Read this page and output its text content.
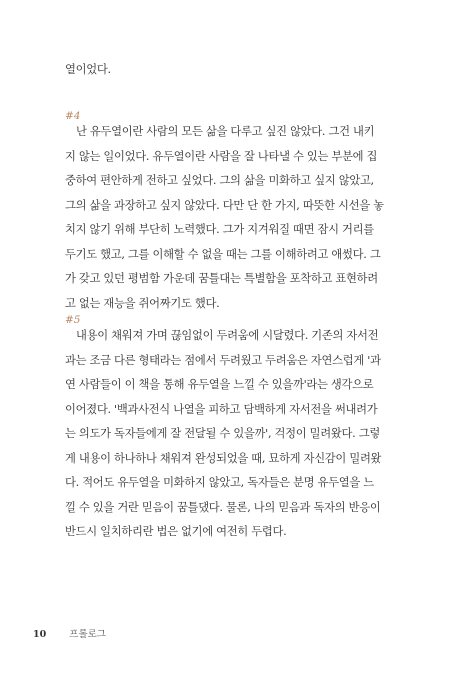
열이었다.
#4
난 유두열이란 사람의 모든 삶을 다루고 싶진 않았다. 그건 내키
지 않는 일이었다. 유두열이란 사람을 잘 나타낼 수 있는 부분에 집
중하여 편안하게 전하고 싶었다. 그의 삶을 미화하고 싶지 않았고,
그의 삶을 과장하고 싶지 않았다. 다만 단 한 가지, 따뜻한 시선을 놓
치지 않기 위해 부단히 노력했다. 그가 지겨워질 때면 잠시 거리를
두기도 했고, 그를 이해할 수 없을 때는 그를 이해하려고 애썼다. 그
가 갖고 있던 평범함 가운데 꿈틀대는 특별함을 포착하고 표현하려
고 없는 재능을 쥐어짜기도 했다.
#5
내용이 채워져 가며 끊임없이 두려움에 시달렸다. 기존의 자서전
과는 조금 다른 형태라는 점에서 두려웠고 두려움은 자연스럽게 '과
연 사람들이 이 책을 통해 유두열을 느낄 수 있을까'라는 생각으로
이어졌다. '백과사전식 나열을 피하고 담백하게 자서전을 써내려가
는 의도가 독자들에게 잘 전달될 수 있을까', 걱정이 밀려왔다. 그렇
게 내용이 하나하나 채워져 완성되었을 때, 묘하게 자신감이 밀려왔
다. 적어도 유두열을 미화하지 않았고, 독자들은 분명 유두열을 느
낄 수 있을 거란 믿음이 꿈틀댔다. 물론, 나의 믿음과 독자의 반응이
반드시 일치하리란 법은 없기에 여전히 두렵다.
10 프롤로그
